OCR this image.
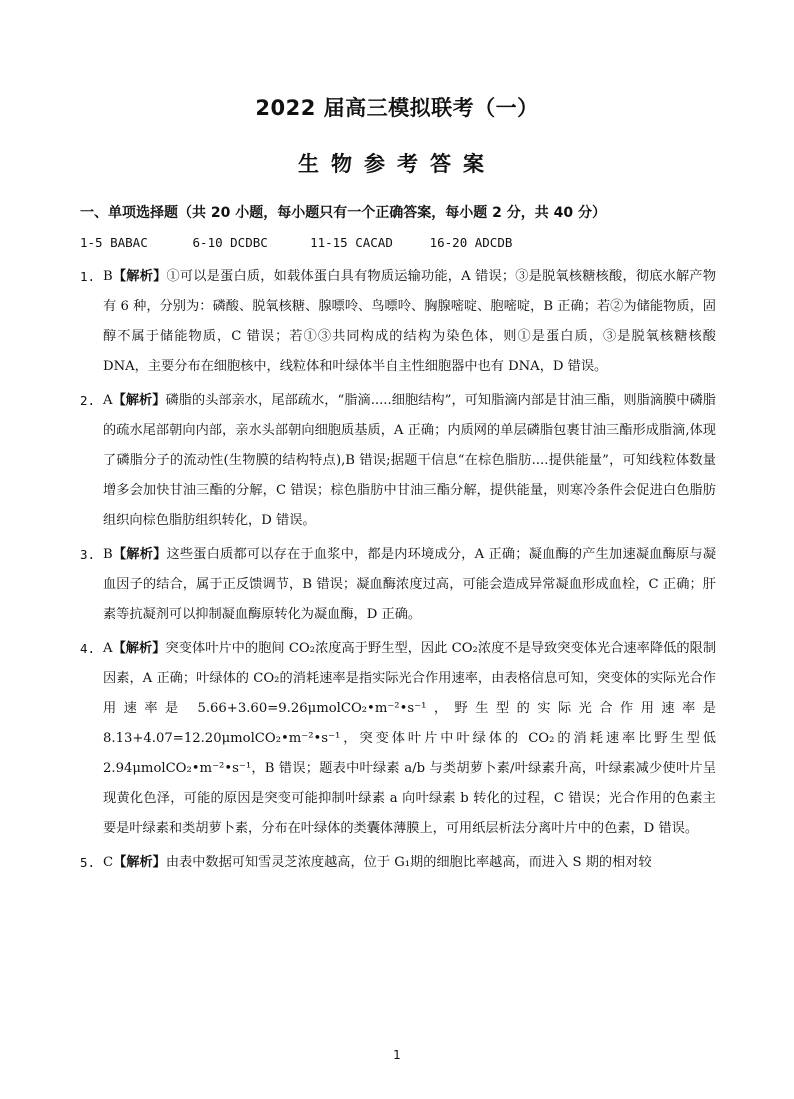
2022 届高三模拟联考（一）
生物参考答案
一、单项选择题（共 20 小题，每小题只有一个正确答案，每小题 2 分，共 40 分）
1-5 BABAC	6-10 DCDBC	11-15 CACAD	16-20 ADCDB
1. B【解析】①可以是蛋白质，如载体蛋白具有物质运输功能，A 错误；③是脱氧核糖核酸，彻底水解产物有 6 种，分别为：磷酸、脱氧核糖、腺嘌呤、鸟嘌呤、胸腺嘧啶、胞嘧啶，B 正确；若②为储能物质，固醇不属于储能物质，C 错误；若①③共同构成的结构为染色体，则①是蛋白质，③是脱氧核糖核酸 DNA，主要分布在细胞核中，线粒体和叶绿体半自主性细胞器中也有 DNA，D 错误。
2. A【解析】磷脂的头部亲水，尾部疏水，“脂滴.....细胞结构”，可知脂滴内部是甘油三酯，则脂滴膜中磷脂的疏水尾部朝向内部，亲水头部朝向细胞质基质，A 正确；内质网的单层磷脂包裹甘油三酯形成脂滴,体现了磷脂分子的流动性(生物膜的结构特点),B 错误;据题干信息“在棕色脂肪....提供能量”，可知线粒体数量增多会加快甘油三酯的分解，C 错误；棕色脂肪中甘油三酯分解，提供能量，则寒冷条件会促进白色脂肪组织向棕色脂肪组织转化，D 错误。
3. B【解析】这些蛋白质都可以存在于血浆中，都是内环境成分，A 正确；凝血酶的产生加速凝血酶原与凝血因子的结合，属于正反馈调节，B 错误；凝血酶浓度过高，可能会造成异常凝血形成血栓，C 正确；肝素等抗凝剂可以抑制凝血酶原转化为凝血酶，D 正确。
4. A【解析】突变体叶片中的胞间 CO₂浓度高于野生型，因此 CO₂浓度不是导致突变体光合速率降低的限制因素，A 正确；叶绿体的 CO₂的消耗速率是指实际光合作用速率，由表格信息可知，突变体的实际光合作用速率是 5.66+3.60=9.26μmolCO₂•m⁻²•s⁻¹，野生型的实际光合作用速率是 8.13+4.07=12.20μmolCO₂•m⁻²•s⁻¹，突变体叶片中叶绿体的 CO₂的消耗速率比野生型低 2.94μmolCO₂•m⁻²•s⁻¹，B 错误；题表中叶绿素 a/b 与类胡萝卜素/叶绿素升高，叶绿素减少使叶片呈现黄化色泽，可能的原因是突变可能抑制叶绿素 a 向叶绿素 b 转化的过程，C 错误；光合作用的色素主要是叶绿素和类胡萝卜素，分布在叶绿体的类囊体薄膜上，可用纸层析法分离叶片中的色素，D 错误。
5. C【解析】由表中数据可知雪灵芝浓度越高，位于 G₁期的细胞比率越高，而进入 S 期的相对较
1
